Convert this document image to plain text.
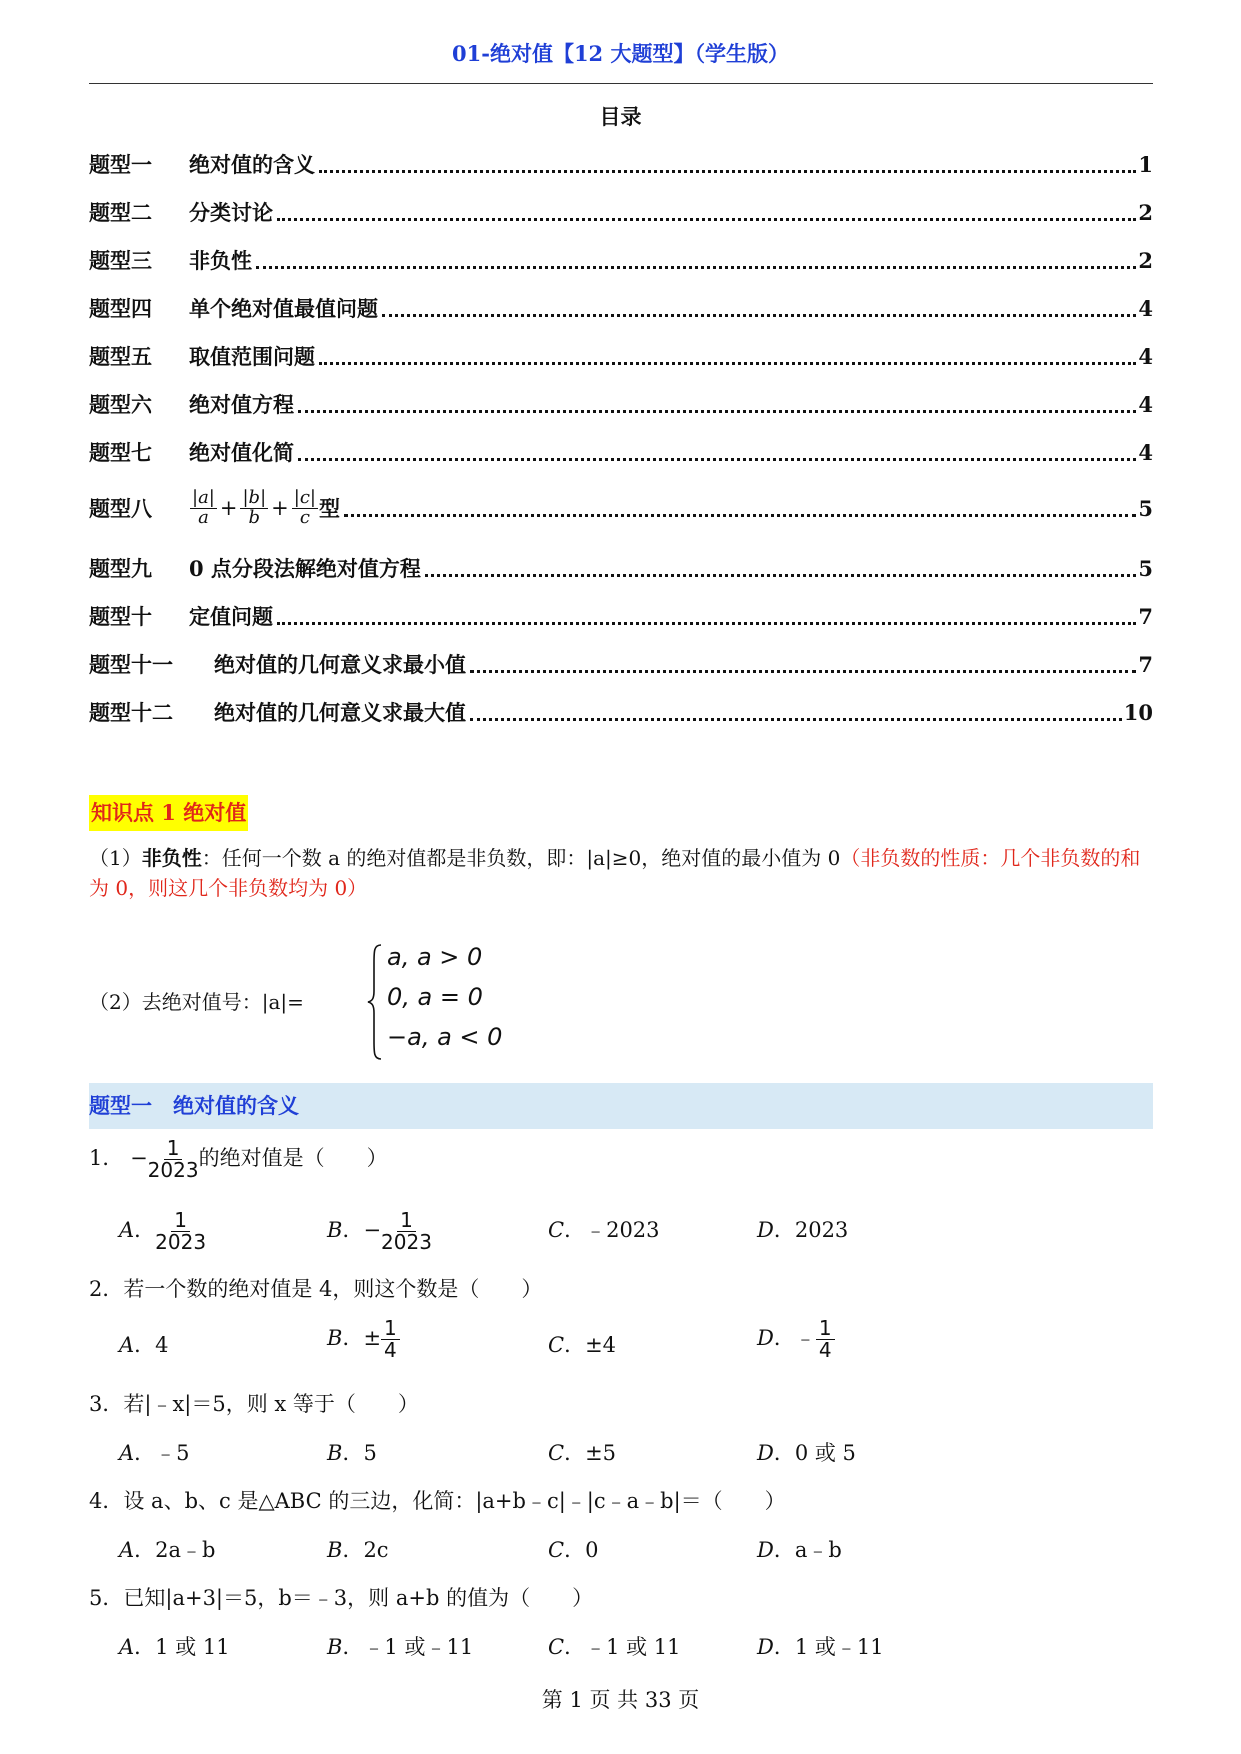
01-绝对值【12 大题型】（学生版）
目录
题型一 绝对值的含义	1
题型二 分类讨论	2
题型三 非负性	2
题型四 单个绝对值最值问题	4
题型五 取值范围问题	4
题型六 绝对值方程	4
题型七 绝对值化简	4
题型八	$\frac{|a|}{a} + \frac{|b|}{b} + \frac{|c|}{c}$ 型	5
题型九 0 点分段法解绝对值方程	5
题型十 定值问题	7
题型十一 绝对值的几何意义求最小值	7
题型十二 绝对值的几何意义求最大值	10
知识点 1 绝对值
（1）非负性：任何一个数 a 的绝对值都是非负数，即：|a|≥0，绝对值的最小值为 0（非负数的性质：几个非负数的和为 0，则这几个非负数均为 0）
（2）去绝对值号：|a|=
a, a > 0
0, a = 0
−a, a < 0
题型一　绝对值的含义
1． − $\frac{1}{2023}$ 的绝对值是（　　）
A． $\frac{1}{2023}$	B．− $\frac{1}{2023}$	C．﹣2023	D．2023
2．若一个数的绝对值是 4，则这个数是（　　）
A．4	B．± $\frac{1}{4}$	C．±4	D．﹣ $\frac{1}{4}$
3．若|﹣x|＝5，则 x 等于（　　）
A．﹣5	B．5	C．±5	D．0 或 5
4．设 a、b、c 是△ABC 的三边，化简：|a+b﹣c|﹣|c﹣a﹣b|＝（　　）
A．2a﹣b	B．2c	C．0	D．a﹣b
5．已知|a+3|＝5，b＝﹣3，则 a+b 的值为（　　）
A．1 或 11	B．﹣1 或﹣11	C．﹣1 或 11	D．1 或﹣11
第 1 页 共 33 页
